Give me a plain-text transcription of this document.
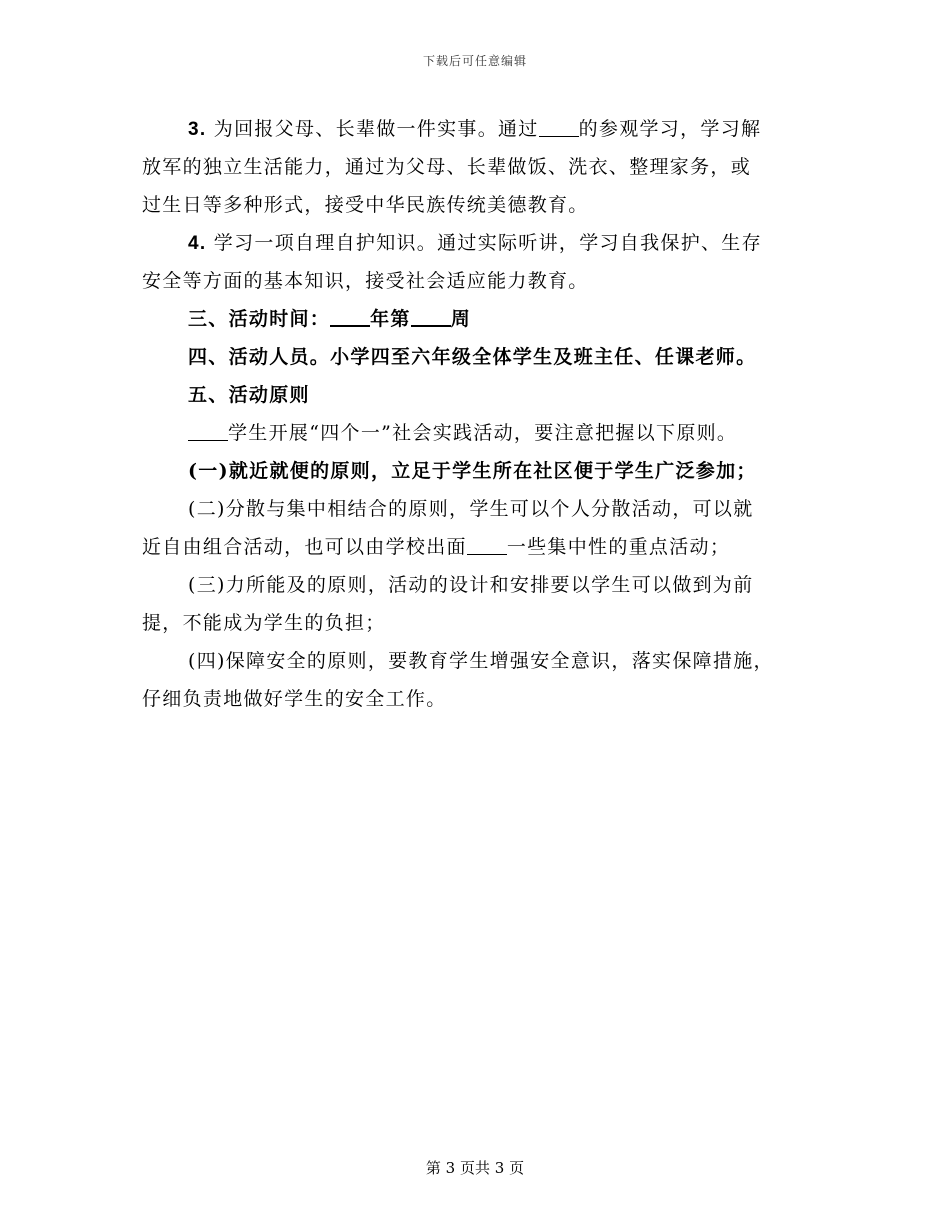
下载后可任意编辑
3. 为回报父母、长辈做一件实事。通过 的参观学习，学习解
放军的独立生活能力，通过为父母、长辈做饭、洗衣、整理家务，或
过生日等多种形式，接受中华民族传统美德教育。
4. 学习一项自理自护知识。通过实际听讲，学习自我保护、生存
安全等方面的基本知识，接受社会适应能力教育。
三、活动时间： 年第 周
四、活动人员。小学四至六年级全体学生及班主任、任课老师。
五、活动原则
学生开展“四个一”社会实践活动，要注意把握以下原则。
(一)就近就便的原则，立足于学生所在社区便于学生广泛参加；
(二)分散与集中相结合的原则，学生可以个人分散活动，可以就
近自由组合活动，也可以由学校出面 一些集中性的重点活动；
(三)力所能及的原则，活动的设计和安排要以学生可以做到为前
提，不能成为学生的负担；
(四)保障安全的原则，要教育学生增强安全意识，落实保障措施，
仔细负责地做好学生的安全工作。
第 3 页共 3 页
